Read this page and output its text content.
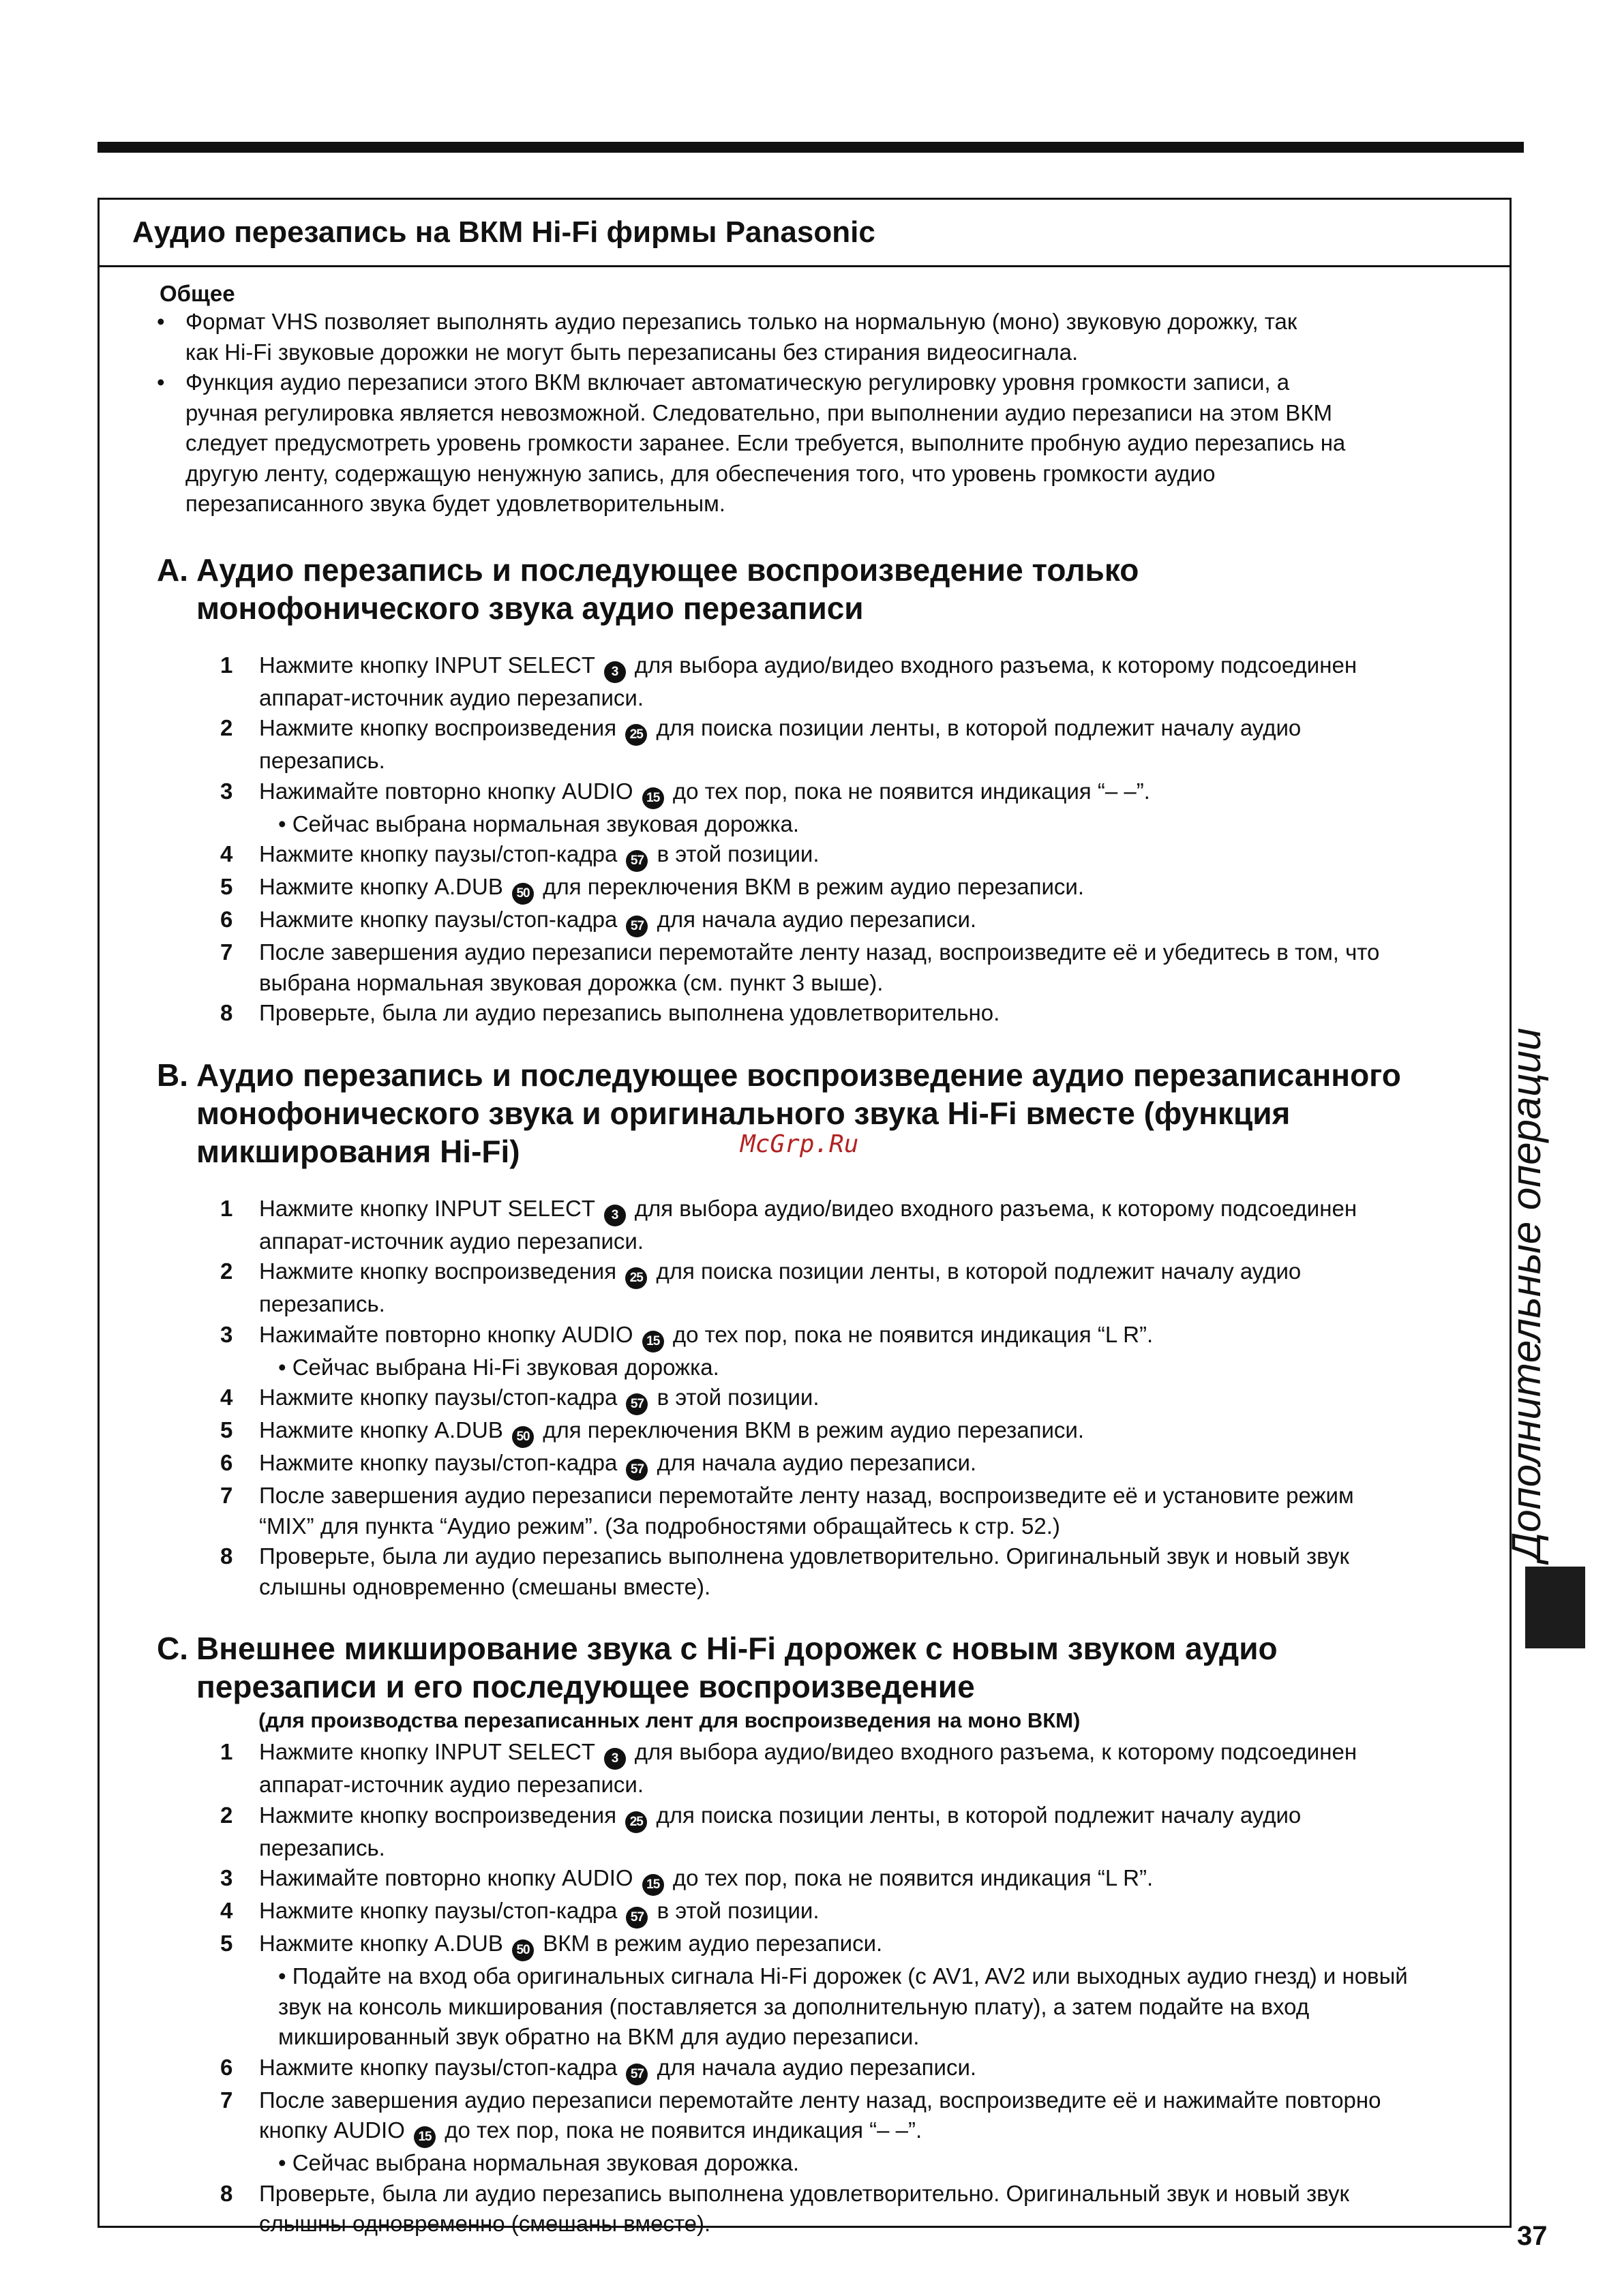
Аудио перезапись на ВКМ Hi-Fi фирмы Panasonic
Общее
• Формат VHS позволяет выполнять аудио перезапись только на нормальную (моно) звуковую дорожку, так
как Hi-Fi звуковые дорожки не могут быть перезаписаны без стирания видеосигнала.
• Функция аудио перезаписи этого ВКМ включает автоматическую регулировку уровня громкости записи, а
ручная регулировка является невозможной. Следовательно, при выполнении аудио перезаписи на этом ВКМ
следует предусмотреть уровень громкости заранее. Если требуется, выполните пробную аудио перезапись на
другую ленту, содержащую ненужную запись, для обеспечения того, что уровень громкости аудио
перезаписанного звука будет удовлетворительным.
A. Аудио перезапись и последующее воспроизведение только
монофонического звука аудио перезаписи
1 Нажмите кнопку INPUT SELECT 3 для выбора аудио/видео входного разъема, к которому подсоединен
аппарат-источник аудио перезаписи.
2 Нажмите кнопку воспроизведения 25 для поиска позиции ленты, в которой подлежит началу аудио
перезапись.
3 Нажимайте повторно кнопку AUDIO 15 до тех пор, пока не появится индикация “– –”.
• Сейчас выбрана нормальная звуковая дорожка.
4 Нажмите кнопку паузы/стоп-кадра 57 в этой позиции.
5 Нажмите кнопку A.DUB 50 для переключения ВКМ в режим аудио перезаписи.
6 Нажмите кнопку паузы/стоп-кадра 57 для начала аудио перезаписи.
7 После завершения аудио перезаписи перемотайте ленту назад, воспроизведите её и убедитесь в том, что
выбрана нормальная звуковая дорожка (см. пункт 3 выше).
8 Проверьте, была ли аудио перезапись выполнена удовлетворительно.
B. Аудио перезапись и последующее воспроизведение аудио перезаписанного
монофонического звука и оригинального звука Hi-Fi вместе (функция
микширования Hi-Fi)
1 Нажмите кнопку INPUT SELECT 3 для выбора аудио/видео входного разъема, к которому подсоединен
аппарат-источник аудио перезаписи.
2 Нажмите кнопку воспроизведения 25 для поиска позиции ленты, в которой подлежит началу аудио
перезапись.
3 Нажимайте повторно кнопку AUDIO 15 до тех пор, пока не появится индикация “L R”.
• Сейчас выбрана Hi-Fi звуковая дорожка.
4 Нажмите кнопку паузы/стоп-кадра 57 в этой позиции.
5 Нажмите кнопку A.DUB 50 для переключения ВКМ в режим аудио перезаписи.
6 Нажмите кнопку паузы/стоп-кадра 57 для начала аудио перезаписи.
7 После завершения аудио перезаписи перемотайте ленту назад, воспроизведите её и установите режим
“MIX” для пункта “Аудио режим”. (За подробностями обращайтесь к стр. 52.)
8 Проверьте, была ли аудио перезапись выполнена удовлетворительно. Оригинальный звук и новый звук
слышны одновременно (смешаны вместе).
C. Внешнее микширование звука с Hi-Fi дорожек с новым звуком аудио
перезаписи и его последующее воспроизведение
(для производства перезаписанных лент для воспроизведения на моно ВКМ)
1 Нажмите кнопку INPUT SELECT 3 для выбора аудио/видео входного разъема, к которому подсоединен
аппарат-источник аудио перезаписи.
2 Нажмите кнопку воспроизведения 25 для поиска позиции ленты, в которой подлежит началу аудио
перезапись.
3 Нажимайте повторно кнопку AUDIO 15 до тех пор, пока не появится индикация “L R”.
4 Нажмите кнопку паузы/стоп-кадра 57 в этой позиции.
5 Нажмите кнопку A.DUB 50 ВКМ в режим аудио перезаписи.
• Подайте на вход оба оригинальных сигнала Hi-Fi дорожек (с AV1, AV2 или выходных аудио гнезд) и новый
звук на консоль микширования (поставляется за дополнительную плату), а затем подайте на вход
микшированный звук обратно на ВКМ для аудио перезаписи.
6 Нажмите кнопку паузы/стоп-кадра 57 для начала аудио перезаписи.
7 После завершения аудио перезаписи перемотайте ленту назад, воспроизведите её и нажимайте повторно
кнопку AUDIO 15 до тех пор, пока не появится индикация “– –”.
• Сейчас выбрана нормальная звуковая дорожка.
8 Проверьте, была ли аудио перезапись выполнена удовлетворительно. Оригинальный звук и новый звук
слышны одновременно (смешаны вместе).
McGrp.Ru	Дополнительные операции
37
